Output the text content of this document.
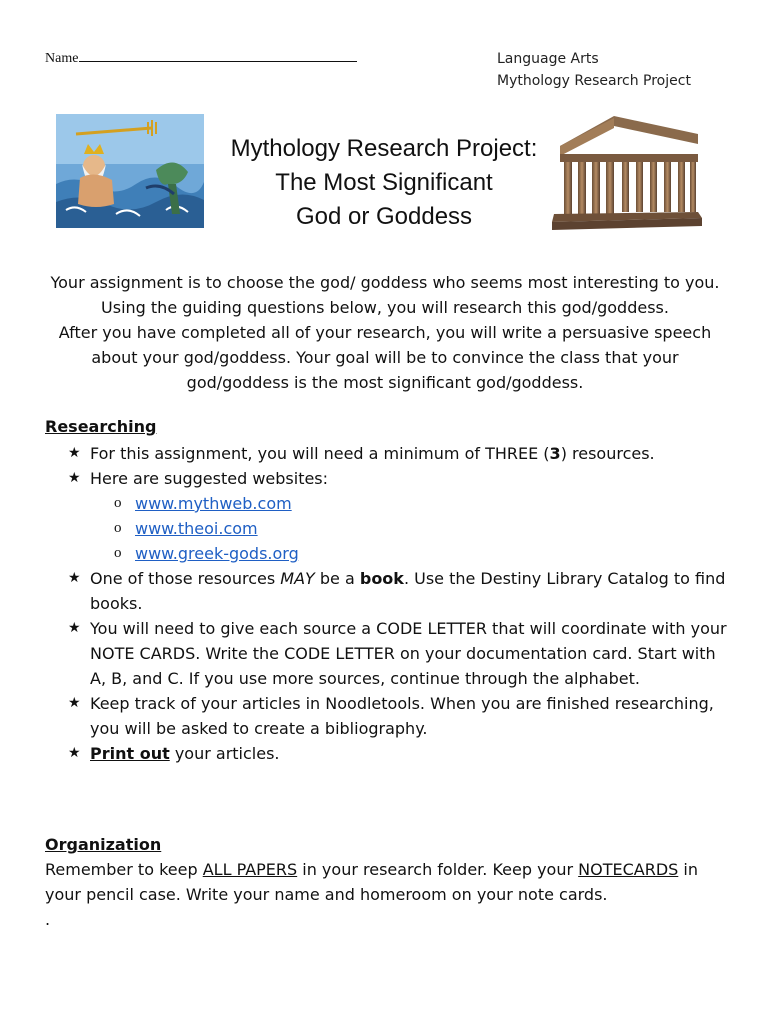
Name	Language Arts
Mythology Research Project
Mythology Research Project:
The Most Significant
God or Goddess
Your assignment is to choose the god/ goddess who seems most interesting to you.
Using the guiding questions below, you will research this god/goddess.
After you have completed all of your research, you will write a persuasive speech
about your god/goddess. Your goal will be to convince the class that your
god/goddess is the most significant god/goddess.
Researching
★ For this assignment, you will need a minimum of THREE (3) resources.
★ Here are suggested websites:
o www.mythweb.com
o www.theoi.com
o www.greek-gods.org
★ One of those resources MAY be a book. Use the Destiny Library Catalog to find books.
★ You will need to give each source a CODE LETTER that will coordinate with your NOTE CARDS. Write the CODE LETTER on your documentation card. Start with A, B, and C. If you use more sources, continue through the alphabet.
★ Keep track of your articles in Noodletools. When you are finished researching, you will be asked to create a bibliography.
★ Print out your articles.
Organization
Remember to keep ALL PAPERS in your research folder. Keep your NOTECARDS in your pencil case. Write your name and homeroom on your note cards.
.
